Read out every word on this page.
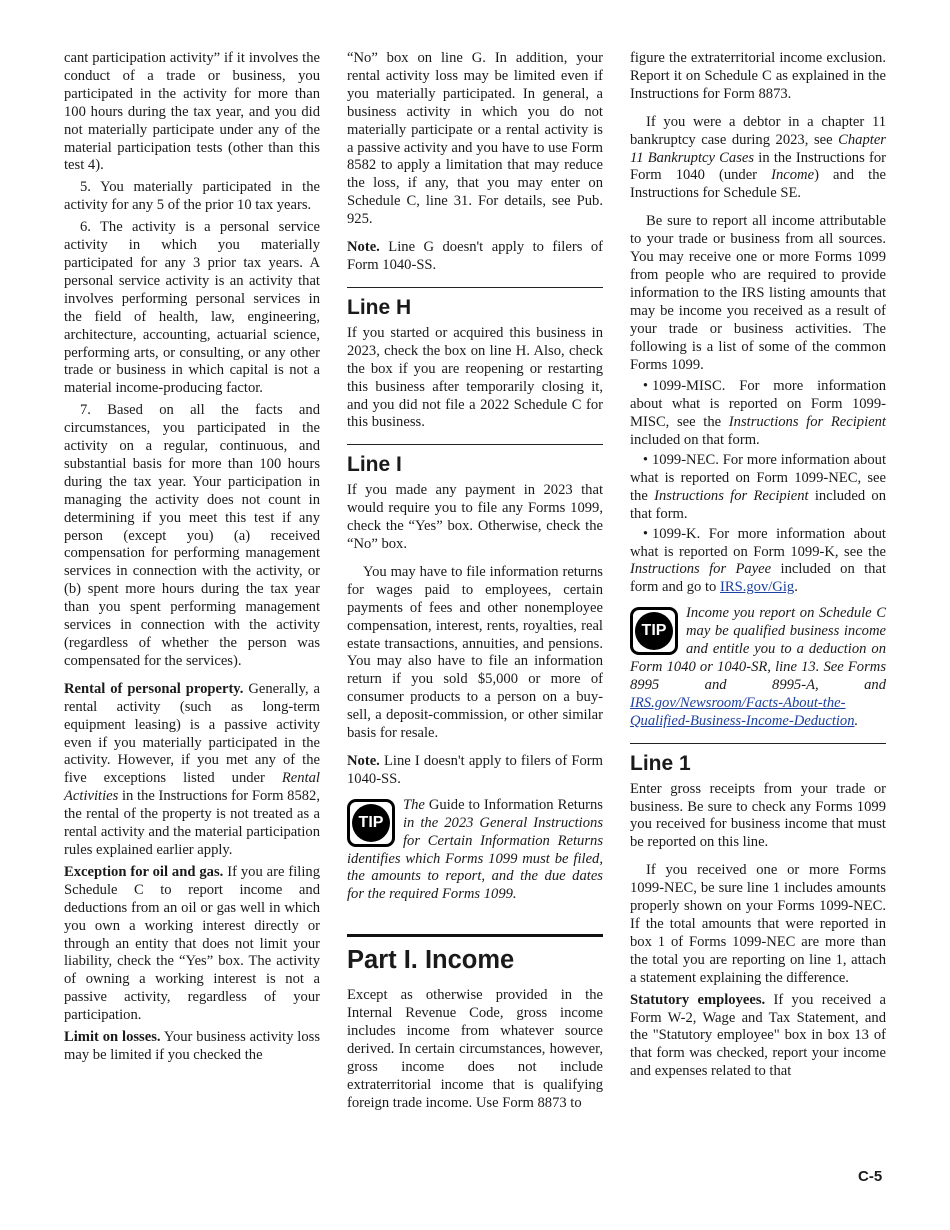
cant participation activity” if it involves the conduct of a trade or business, you participated in the activity for more than 100 hours during the tax year, and you did not materially participate under any of the material participation tests (other than this test 4).

5. You materially participated in the activity for any 5 of the prior 10 tax years.

6. The activity is a personal service activity in which you materially participated for any 3 prior tax years. A personal service activity is an activity that involves performing personal services in the field of health, law, engineering, architecture, accounting, actuarial science, performing arts, or consulting, or any other trade or business in which capital is not a material income-producing factor.

7. Based on all the facts and circumstances, you participated in the activity on a regular, continuous, and substantial basis for more than 100 hours during the tax year. Your participation in managing the activity does not count in determining if you meet this test if any person (except you) (a) received compensation for performing management services in connection with the activity, or (b) spent more hours during the tax year than you spent performing management services in connection with the activity (regardless of whether the person was compensated for the services).

Rental of personal property. Generally, a rental activity (such as long-term equipment leasing) is a passive activity even if you materially participated in the activity. However, if you met any of the five exceptions listed under Rental Activities in the Instructions for Form 8582, the rental of the property is not treated as a rental activity and the material participation rules explained earlier apply.

Exception for oil and gas. If you are filing Schedule C to report income and deductions from an oil or gas well in which you own a working interest directly or through an entity that does not limit your liability, check the “Yes” box. The activity of owning a working interest is not a passive activity, regardless of your participation.

Limit on losses. Your business activity loss may be limited if you checked the

“No” box on line G. In addition, your rental activity loss may be limited even if you materially participated. In general, a business activity in which you do not materially participate or a rental activity is a passive activity and you have to use Form 8582 to apply a limitation that may reduce the loss, if any, that you may enter on Schedule C, line 31. For details, see Pub. 925.

Note. Line G doesn't apply to filers of Form 1040-SS.

Line H

If you started or acquired this business in 2023, check the box on line H. Also, check the box if you are reopening or restarting this business after temporarily closing it, and you did not file a 2022 Schedule C for this business.

Line I

If you made any payment in 2023 that would require you to file any Forms 1099, check the “Yes” box. Otherwise, check the “No” box.

You may have to file information returns for wages paid to employees, certain payments of fees and other nonemployee compensation, interest, rents, royalties, real estate transactions, annuities, and pensions. You may also have to file an information return if you sold $5,000 or more of consumer products to a person on a buy-sell, a deposit-commission, or other similar basis for resale.

Note. Line I doesn't apply to filers of Form 1040-SS.

TIP
The Guide to Information Returns in the 2023 General Instructions for Certain Information Returns identifies which Forms 1099 must be filed, the amounts to report, and the due dates for the required Forms 1099.
Part I. Income

Except as otherwise provided in the Internal Revenue Code, gross income includes income from whatever source derived. In certain circumstances, however, gross income does not include extraterritorial income that is qualifying foreign trade income. Use Form 8873 to

figure the extraterritorial income exclusion. Report it on Schedule C as explained in the Instructions for Form 8873.

If you were a debtor in a chapter 11 bankruptcy case during 2023, see Chapter 11 Bankruptcy Cases in the Instructions for Form 1040 (under Income) and the Instructions for Schedule SE.

Be sure to report all income attributable to your trade or business from all sources. You may receive one or more Forms 1099 from people who are required to provide information to the IRS listing amounts that may be income you received as a result of your trade or business activities. The following is a list of some of the common Forms 1099.

• 1099-MISC. For more information about what is reported on Form 1099-MISC, see the Instructions for Recipient included on that form.

• 1099-NEC. For more information about what is reported on Form 1099-NEC, see the Instructions for Recipient included on that form.

• 1099-K. For more information about what is reported on Form 1099-K, see the Instructions for Payee included on that form and go to IRS.gov/Gig.

TIP
Income you report on Schedule C may be qualified business income and entitle you to a deduction on Form 1040 or 1040-SR, line 13. See Forms 8995 and 8995-A, and IRS.gov/Newsroom/Facts-About-the-Qualified-Business-Income-Deduction.
Line 1

Enter gross receipts from your trade or business. Be sure to check any Forms 1099 you received for business income that must be reported on this line.

If you received one or more Forms 1099-NEC, be sure line 1 includes amounts properly shown on your Forms 1099-NEC. If the total amounts that were reported in box 1 of Forms 1099-NEC are more than the total you are reporting on line 1, attach a statement explaining the difference.

Statutory employees. If you received a Form W-2, Wage and Tax Statement, and the "Statutory employee" box in box 13 of that form was checked, report your income and expenses related to that

C-5
